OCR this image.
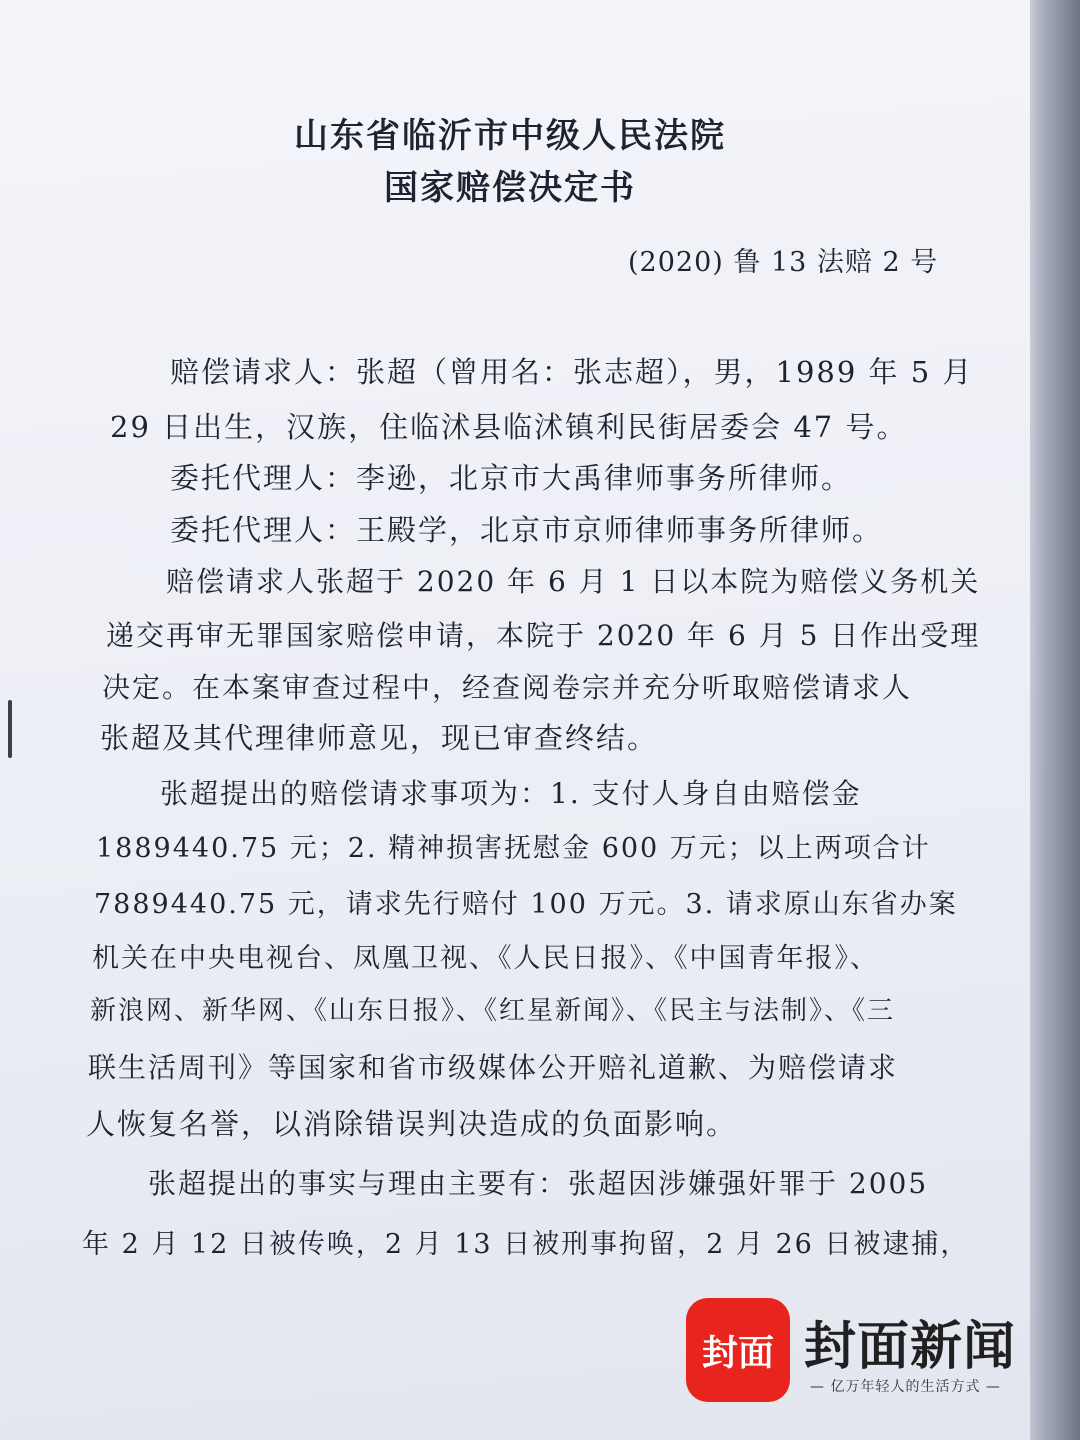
山东省临沂市中级人民法院
国家赔偿决定书
(2020) 鲁 13 法赔 2 号
赔偿请求人：张超（曾用名：张志超），男，1989 年 5 月
29 日出生，汉族，住临沭县临沭镇利民街居委会 47 号。
委托代理人：李逊，北京市大禹律师事务所律师。
委托代理人：王殿学，北京市京师律师事务所律师。
赔偿请求人张超于 2020 年 6 月 1 日以本院为赔偿义务机关
递交再审无罪国家赔偿申请，本院于 2020 年 6 月 5 日作出受理
决定。在本案审查过程中，经查阅卷宗并充分听取赔偿请求人
张超及其代理律师意见，现已审查终结。
张超提出的赔偿请求事项为：1. 支付人身自由赔偿金
1889440.75 元；2. 精神损害抚慰金 600 万元；以上两项合计
7889440.75 元，请求先行赔付 100 万元。3. 请求原山东省办案
机关在中央电视台、凤凰卫视、《人民日报》、《中国青年报》、
新浪网、新华网、《山东日报》、《红星新闻》、《民主与法制》、《三
联生活周刊》等国家和省市级媒体公开赔礼道歉、为赔偿请求
人恢复名誉，以消除错误判决造成的负面影响。
张超提出的事实与理由主要有：张超因涉嫌强奸罪于 2005
年 2 月 12 日被传唤，2 月 13 日被刑事拘留，2 月 26 日被逮捕，
封面 封面新闻
— 亿万年轻人的生活方式 —
